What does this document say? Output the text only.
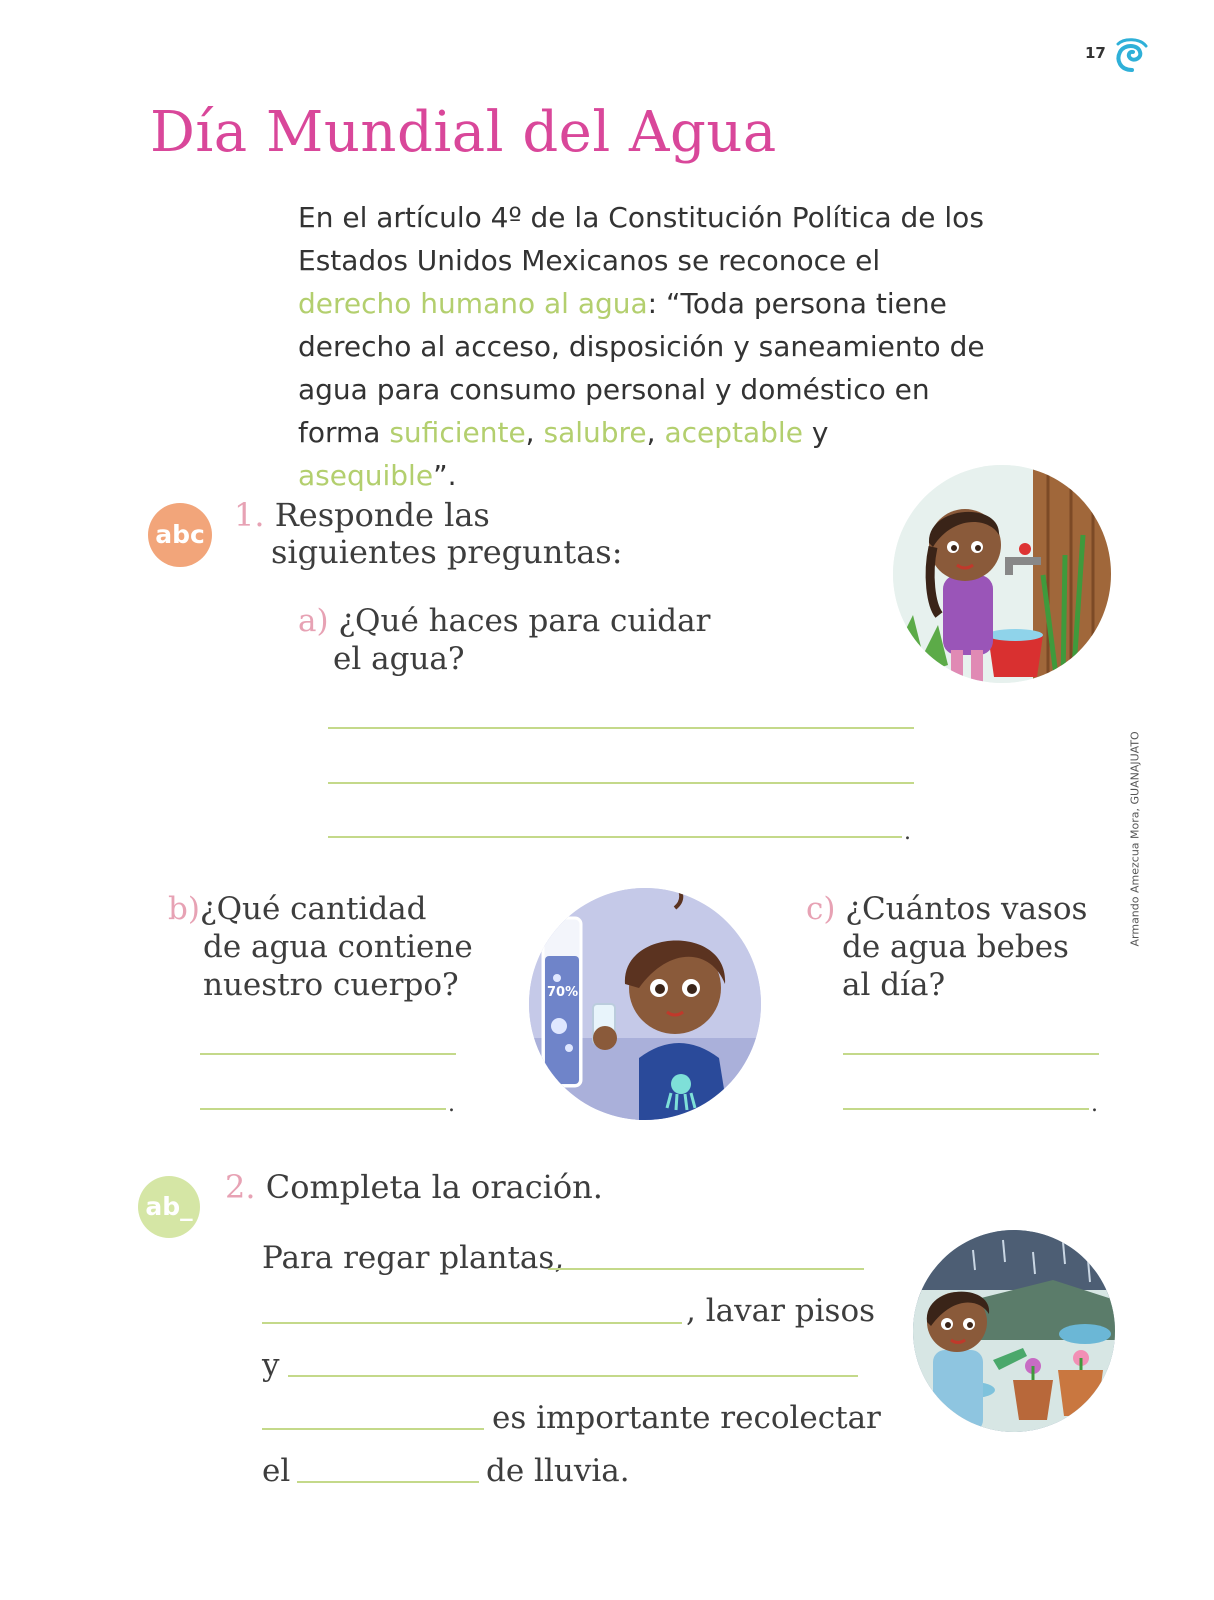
17
Día Mundial del Agua
En el artículo 4º de la Constitución Política de los Estados Unidos Mexicanos se reconoce el derecho humano al agua: “Toda persona tiene derecho al acceso, disposición y saneamiento de agua para consumo personal y doméstico en forma suficiente, salubre, aceptable y asequible”.
abc
1. Responde las
siguientes preguntas:
a) ¿Qué haces para cuidar
el agua?
.
b)¿Qué cantidad
de agua contiene
nuestro cuerpo?
.
70%
c) ¿Cuántos vasos
de agua bebes
al día?
.
Armando Amezcua Mora, GUANAJUATO
ab_
2. Completa la oración.
Para regar plantas,
, lavar pisos
y
es importante recolectar
el	de lluvia.
